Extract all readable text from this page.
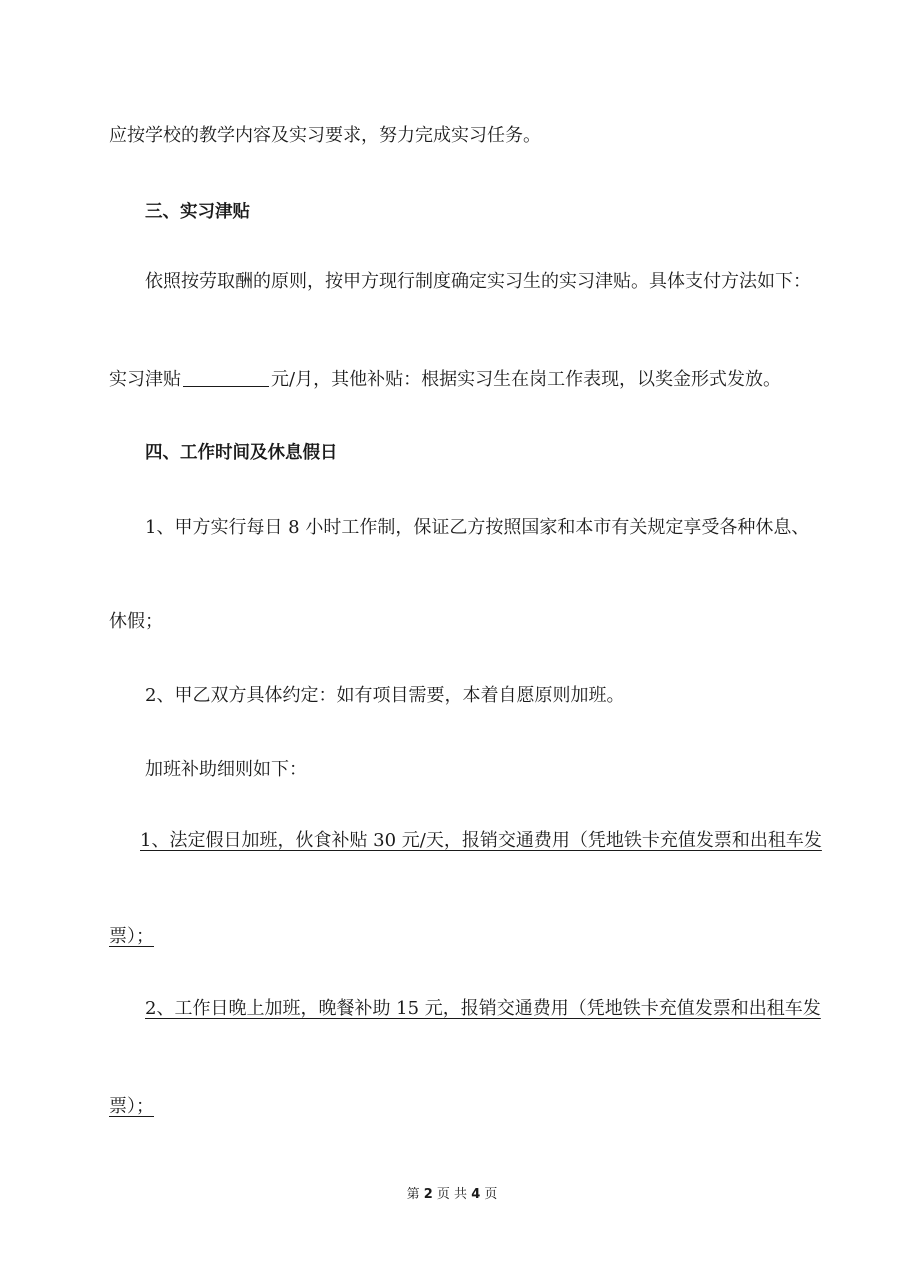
应按学校的教学内容及实习要求，努力完成实习任务。
三、实习津贴
依照按劳取酬的原则，按甲方现行制度确定实习生的实习津贴。具体支付方法如下：
实习津贴	元/月，其他补贴：根据实习生在岗工作表现，以奖金形式发放。
四、工作时间及休息假日
1、甲方实行每日 8 小时工作制，保证乙方按照国家和本市有关规定享受各种休息、
休假；
2、甲乙双方具体约定：如有项目需要，本着自愿原则加班。
加班补助细则如下：
1、法定假日加班，伙食补贴 30 元/天，报销交通费用（凭地铁卡充值发票和出租车发
票）；
2、工作日晚上加班，晚餐补助 15 元，报销交通费用（凭地铁卡充值发票和出租车发
票）；
第 2 页 共 4 页
